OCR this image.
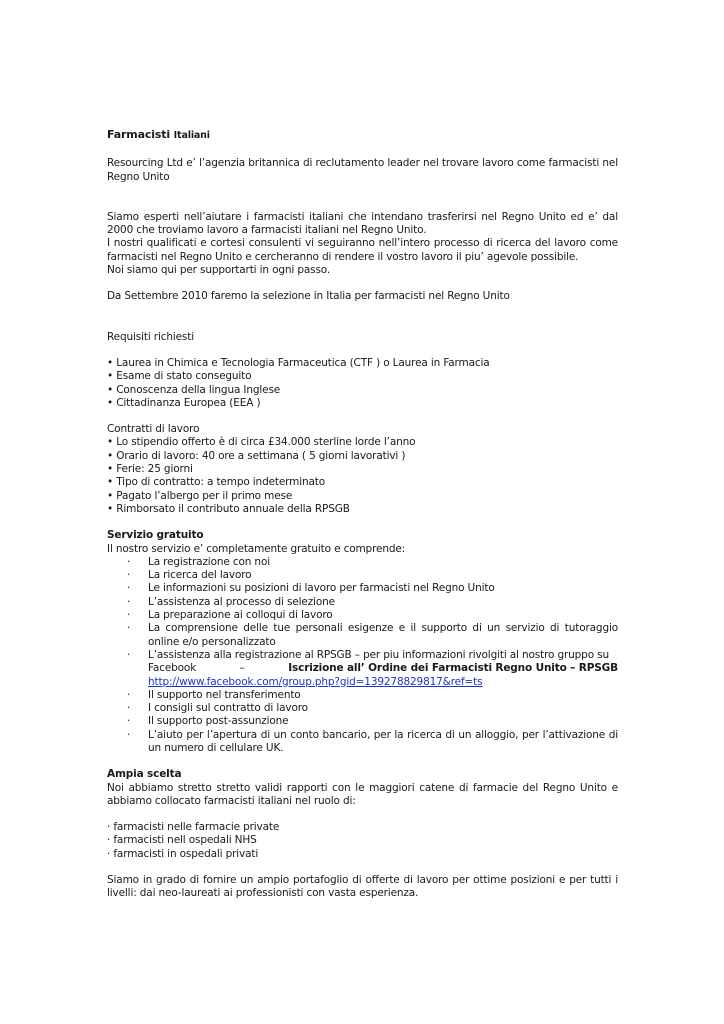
Farmacisti Italiani

Resourcing Ltd e’ l’agenzia britannica di reclutamento leader nel trovare lavoro come farmacisti nel Regno Unito

Siamo esperti nell’aiutare i farmacisti italiani che intendano trasferirsi nel Regno Unito ed e’ dal 2000 che troviamo lavoro a farmacisti italiani nel Regno Unito.

I nostri qualificati e cortesi consulenti vi seguiranno nell’intero processo di ricerca del lavoro come farmacisti nel Regno Unito e cercheranno di rendere il vostro lavoro il piu’ agevole possibile.

Noi siamo qui per supportarti in ogni passo.

Da Settembre 2010 faremo la selezione in Italia per farmacisti nel Regno Unito

Requisiti richiesti

• Laurea in Chimica e Tecnologia Farmaceutica (CTF ) o Laurea in Farmacia
• Esame di stato conseguito
• Conoscenza della lingua Inglese
• Cittadinanza Europea (EEA )

Contratti di lavoro

• Lo stipendio offerto è di circa £34.000 sterline lorde l’anno
• Orario di lavoro: 40 ore a settimana ( 5 giorni lavorativi )
• Ferie: 25 giorni
• Tipo di contratto: a tempo indeterminato
• Pagato l’albergo per il primo mese
• Rimborsato il contributo annuale della RPSGB

Servizio gratuito

Il nostro servizio e’ completamente gratuito e comprende:

·	La registrazione con noi
·	La ricerca del lavoro
·	Le informazioni su posizioni di lavoro per farmacisti nel Regno Unito
·	L’assistenza al processo di selezione
·	La preparazione ai colloqui di lavoro
·	La comprensione delle tue personali esigenze e il supporto di un servizio di tutoraggio online e/o personalizzato
·	L’assistenza alla registrazione al RPSGB – per piu informazioni rivolgiti al nostro gruppo su
Facebook	–	Iscrizione all’ Ordine dei Farmacisti Regno Unito – RPSGB
http://www.facebook.com/group.php?gid=139278829817&ref=ts
·	Il supporto nel transferimento
·	I consigli sul contratto di lavoro
·	Il supporto post-assunzione
·	L’aiuto per l’apertura di un conto bancario, per la ricerca di un alloggio, per l’attivazione di un numero di cellulare UK.

Ampia scelta

Noi abbiamo stretto stretto validi rapporti con le maggiori catene di farmacie del Regno Unito e abbiamo collocato farmacisti italiani nel ruolo di:

· farmacisti nelle farmacie private
· farmacisti nell ospedali NHS
· farmacisti in ospedali privati

Siamo in grado di fornire un ampio portafoglio di offerte di lavoro per ottime posizioni e per tutti i livelli: dai neo-laureati ai professionisti con vasta esperienza.
